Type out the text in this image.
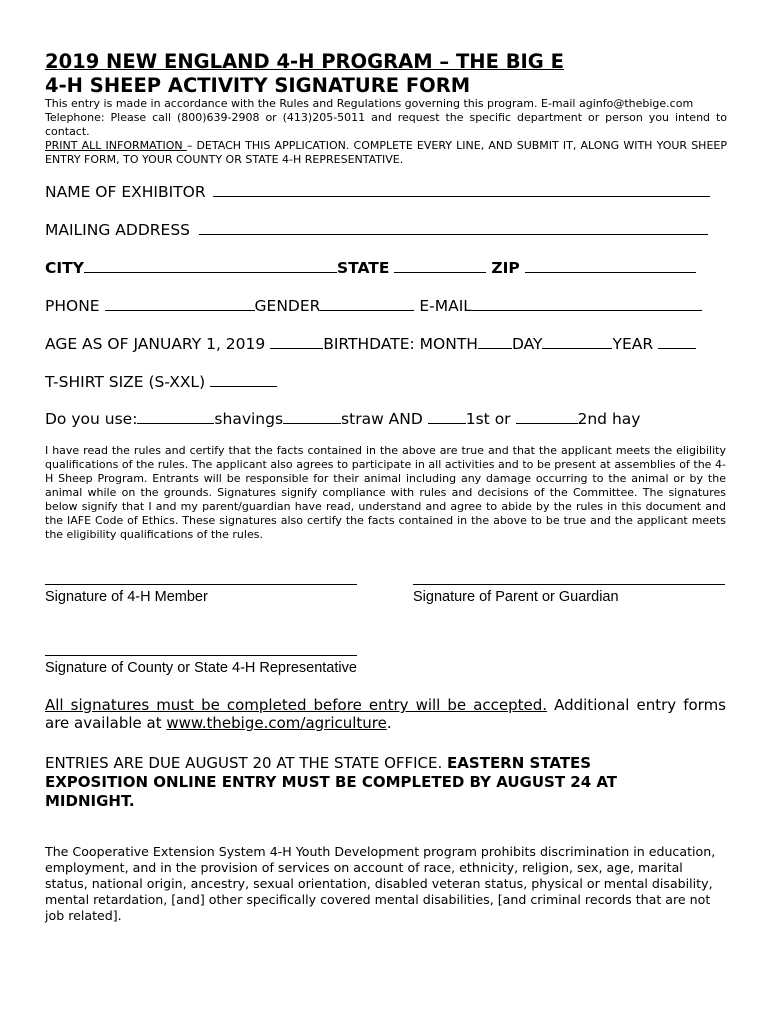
2019 NEW ENGLAND 4-H PROGRAM – THE BIG E
4-H SHEEP ACTIVITY SIGNATURE FORM

This entry is made in accordance with the Rules and Regulations governing this program. E-mail aginfo@thebige.com

Telephone: Please call (800)639-2908 or (413)205-5011 and request the specific department or person you intend to contact.

PRINT ALL INFORMATION – DETACH THIS APPLICATION. COMPLETE EVERY LINE, AND SUBMIT IT, ALONG WITH YOUR SHEEP ENTRY FORM, TO YOUR COUNTY OR STATE 4-H REPRESENTATIVE.

NAME OF EXHIBITOR
MAILING ADDRESS
CITY	STATE	ZIP
PHONE	GENDER	E-MAIL
AGE AS OF JANUARY 1, 2019	BIRTHDATE: MONTH DAY	YEAR
T-SHIRT SIZE (S-XXL)
Do you use:	shavings	straw AND	1st or	2nd hay
I have read the rules and certify that the facts contained in the above are true and that the applicant meets the eligibility qualifications of the rules. The applicant also agrees to participate in all activities and to be present at assemblies of the 4-H Sheep Program. Entrants will be responsible for their animal including any damage occurring to the animal or by the animal while on the grounds. Signatures signify compliance with rules and decisions of the Committee. The signatures below signify that I and my parent/guardian have read, understand and agree to abide by the rules in this document and the IAFE Code of Ethics. These signatures also certify the facts contained in the above to be true and the applicant meets the eligibility qualifications of the rules.
Signature of 4-H Member	Signature of Parent or Guardian
Signature of County or State 4-H Representative
All signatures must be completed before entry will be accepted. Additional entry forms are available at www.thebige.com/agriculture.
ENTRIES ARE DUE AUGUST 20 AT THE STATE OFFICE. EASTERN STATES EXPOSITION ONLINE ENTRY MUST BE COMPLETED BY AUGUST 24 AT MIDNIGHT.
The Cooperative Extension System 4-H Youth Development program prohibits discrimination in education, employment, and in the provision of services on account of race, ethnicity, religion, sex, age, marital status, national origin, ancestry, sexual orientation, disabled veteran status, physical or mental disability, mental retardation, [and] other specifically covered mental disabilities, [and criminal records that are not job related].
